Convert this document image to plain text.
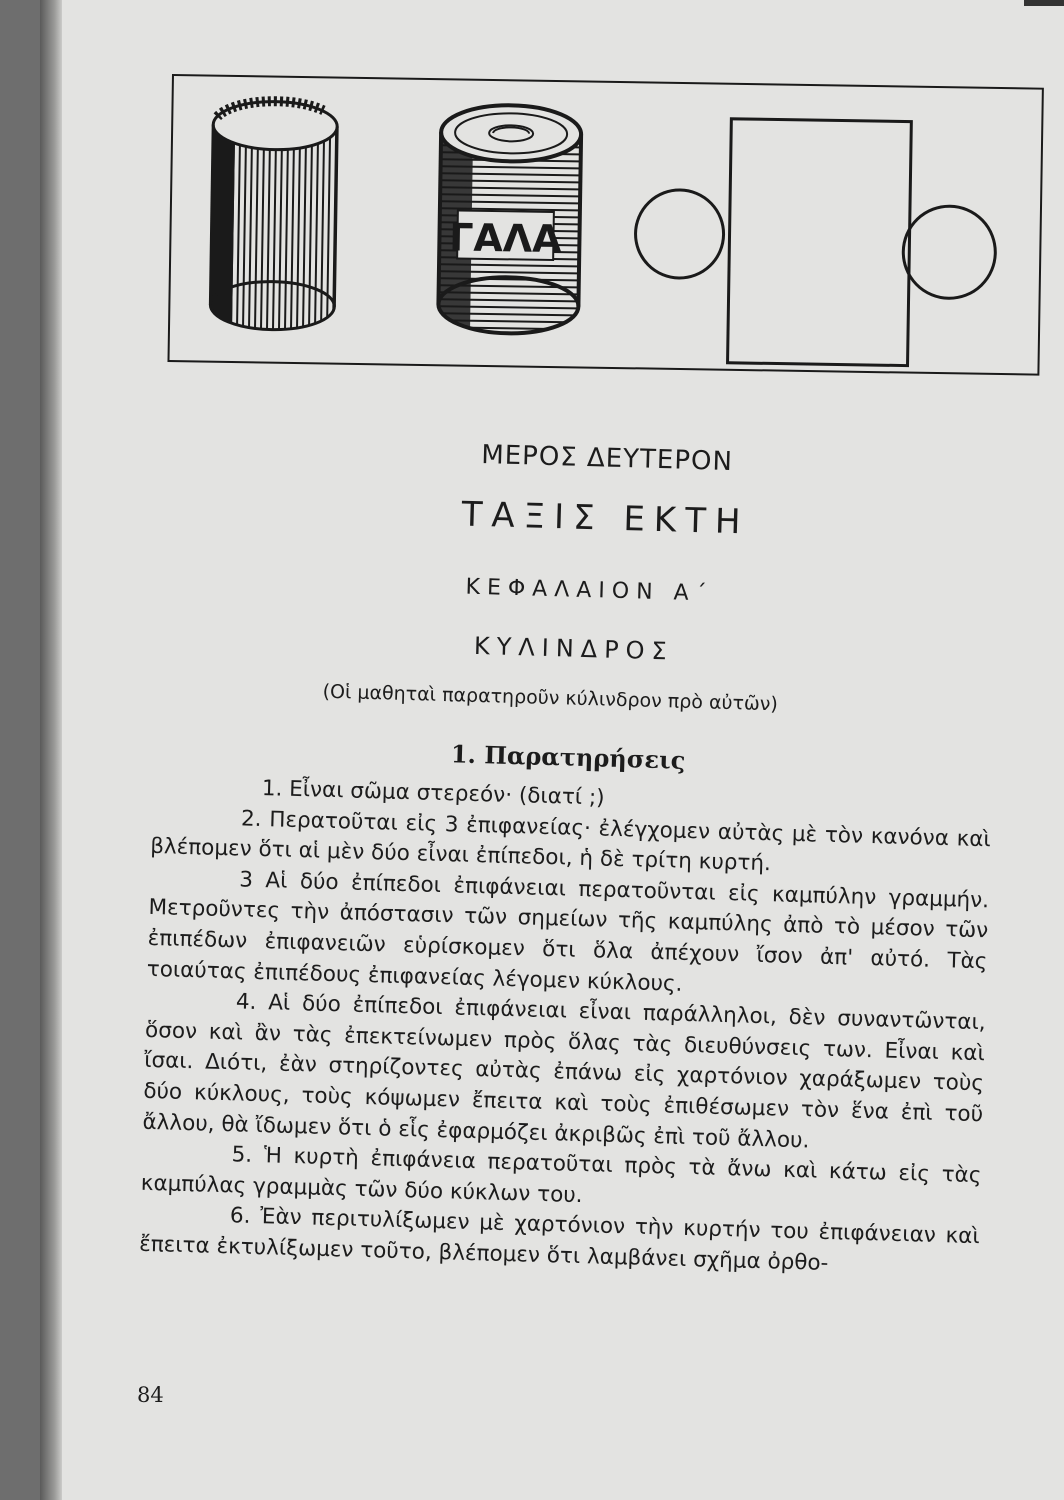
ΓΑΛΑ
ΜΕΡΟΣ ΔΕΥΤΕΡΟΝ
ΤΑΞΙΣ ΕΚΤΗ
ΚΕΦΑΛΑΙΟΝ Α΄
ΚΥΛΙΝΔΡΟΣ
(Οἱ μαθηταὶ παρατηροῦν κύλινδρον πρὸ αὐτῶν)
1. Παρατηρήσεις

1. Εἶναι σῶμα στερεόν· (διατί ;)

2. Περατοῦται εἰς 3 ἐπιφανείας· ἐλέγχομεν αὐτὰς μὲ τὸν κανόνα καὶ βλέπομεν ὅτι αἱ μὲν δύο εἶναι ἐπίπεδοι, ἡ δὲ τρίτη κυρτή.

3 Αἱ δύο ἐπίπεδοι ἐπιφάνειαι περατοῦνται εἰς καμπύλην γραμμήν. Μετροῦντες τὴν ἀπόστασιν τῶν σημείων τῆς καμπύλης ἀπὸ τὸ μέσον τῶν ἐπιπέδων ἐπιφανειῶν εὑρίσκομεν ὅτι ὅλα ἀπέχουν ἴσον ἀπ' αὐτό. Τὰς τοιαύτας ἐπιπέδους ἐπιφανείας λέγομεν κύκλους.

4. Αἱ δύο ἐπίπεδοι ἐπιφάνειαι εἶναι παράλληλοι, δὲν συναντῶνται, ὅσον καὶ ἂν τὰς ἐπεκτείνωμεν πρὸς ὅλας τὰς διευθύνσεις των. Εἶναι καὶ ἴσαι. Διότι, ἐὰν στηρίζοντες αὐτὰς ἐπάνω εἰς χαρτόνιον χαράξωμεν τοὺς δύο κύκλους, τοὺς κόψωμεν ἔπειτα καὶ τοὺς ἐπιθέσωμεν τὸν ἕνα ἐπὶ τοῦ ἄλλου, θὰ ἴδωμεν ὅτι ὁ εἷς ἐφαρμόζει ἀκριβῶς ἐπὶ τοῦ ἄλλου.

5. Ἡ κυρτὴ ἐπιφάνεια περατοῦται πρὸς τὰ ἄνω καὶ κάτω εἰς τὰς καμπύλας γραμμὰς τῶν δύο κύκλων του.

6. Ἐὰν περιτυλίξωμεν μὲ χαρτόνιον τὴν κυρτήν του ἐπιφάνειαν καὶ ἔπειτα ἐκτυλίξωμεν τοῦτο, βλέπομεν ὅτι λαμβάνει σχῆμα ὀρθο-

84
